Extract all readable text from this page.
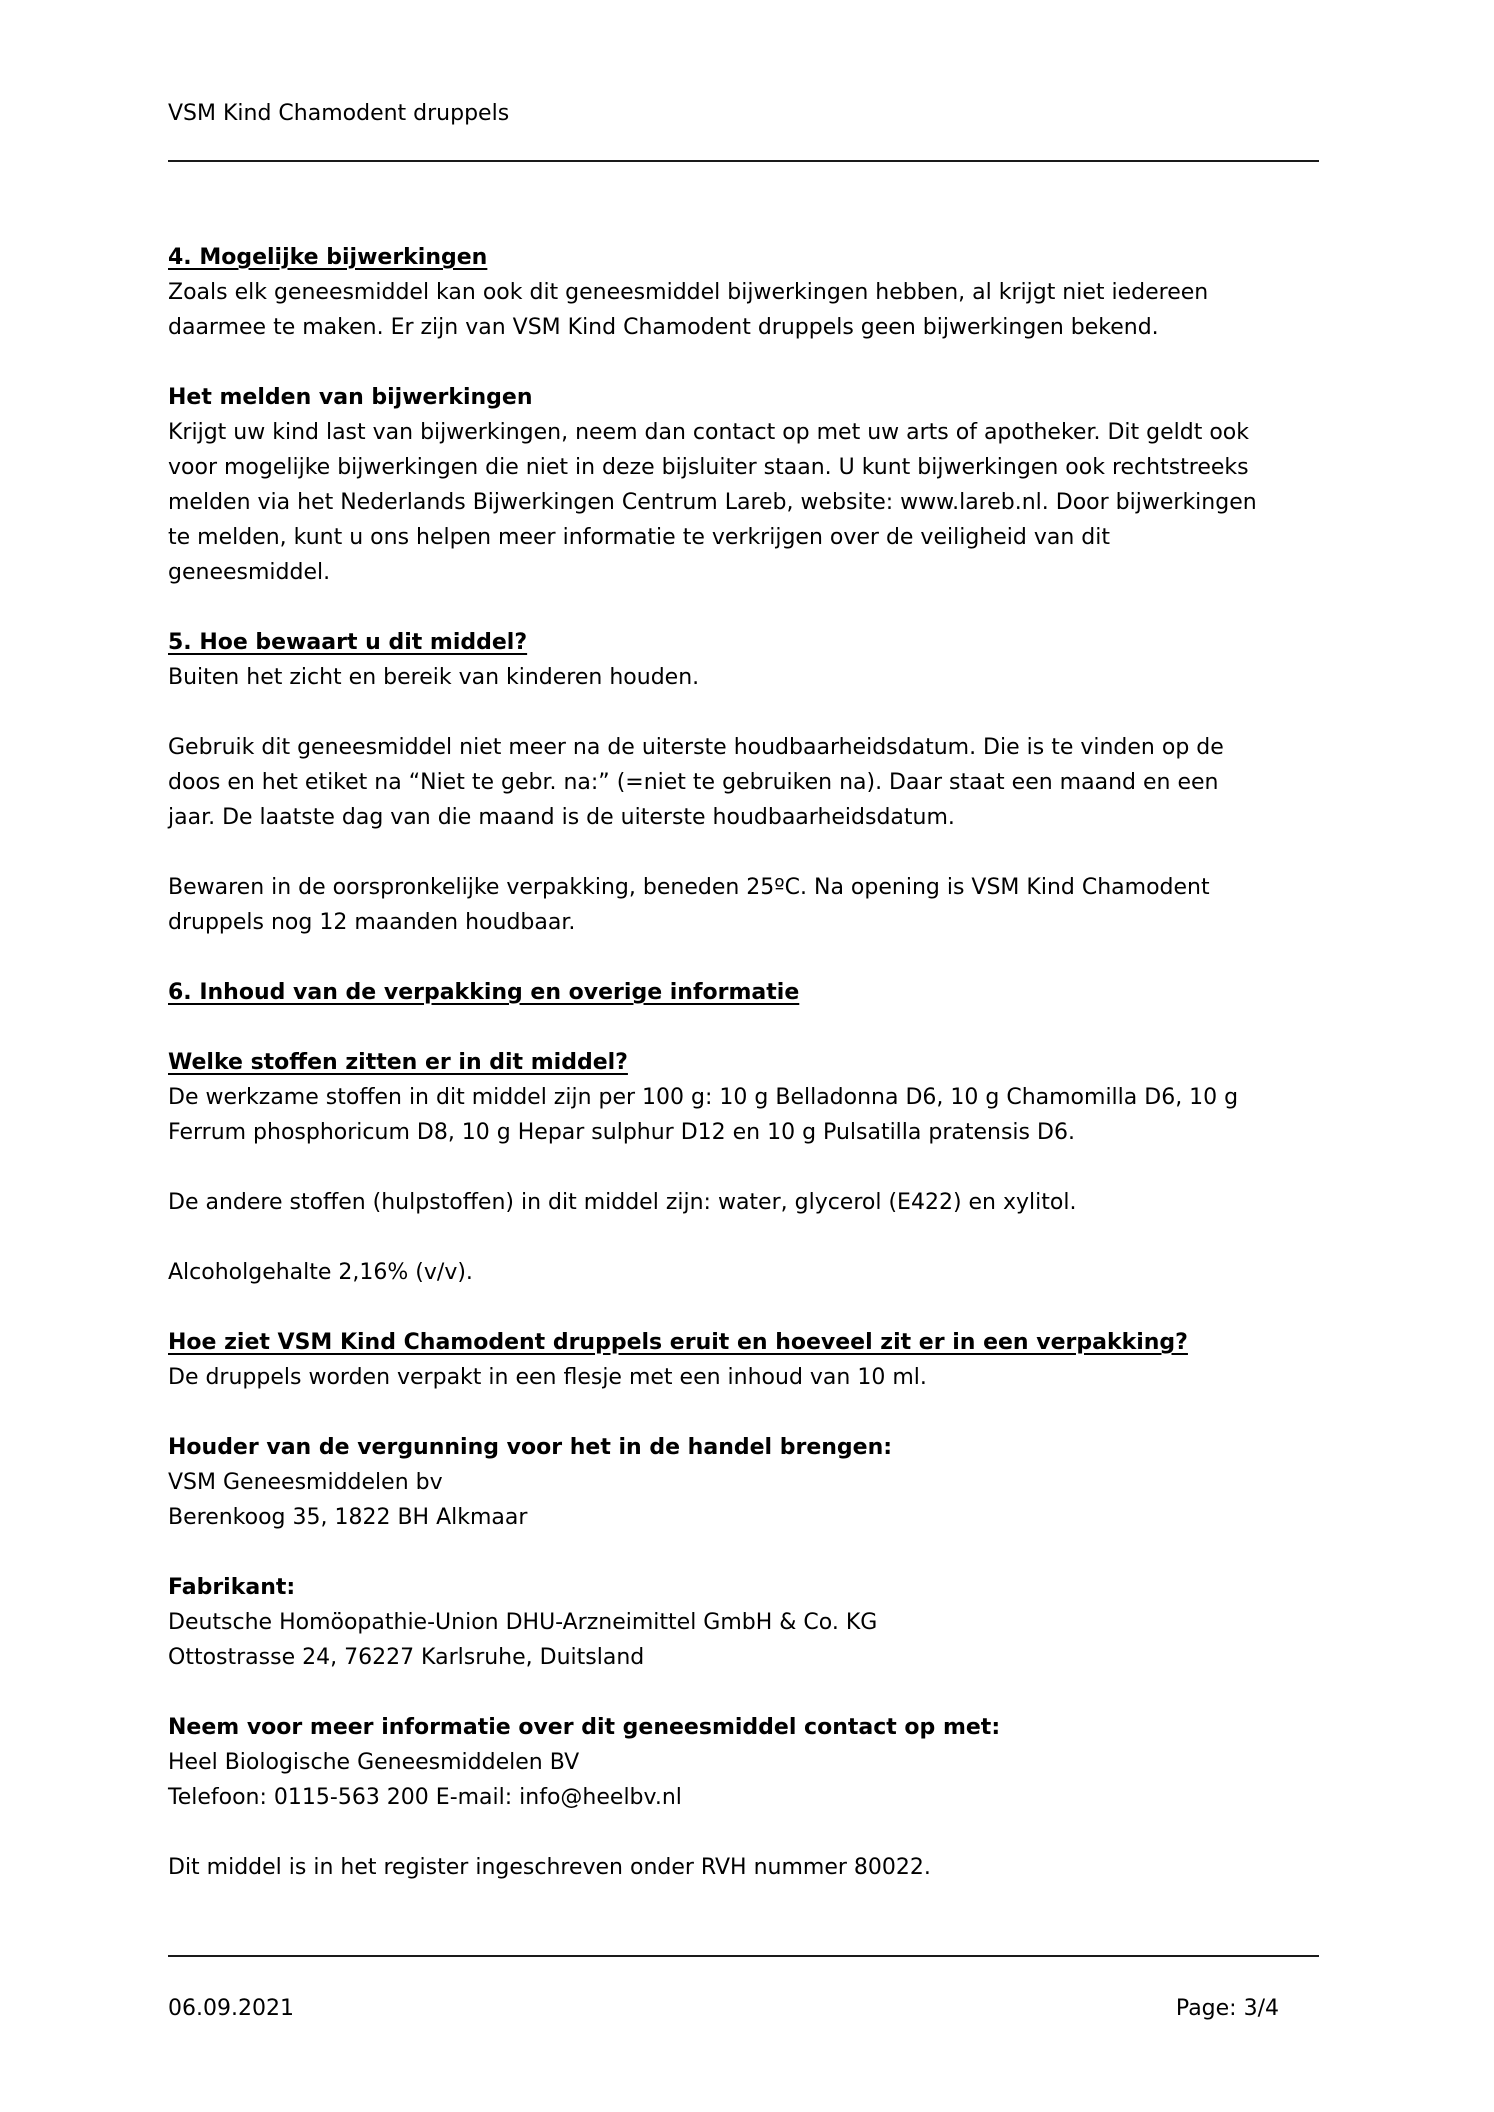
VSM Kind Chamodent druppels
4. Mogelijke bijwerkingen
Zoals elk geneesmiddel kan ook dit geneesmiddel bijwerkingen hebben, al krijgt niet iedereen
daarmee te maken. Er zijn van VSM Kind Chamodent druppels geen bijwerkingen bekend.
Het melden van bijwerkingen
Krijgt uw kind last van bijwerkingen, neem dan contact op met uw arts of apotheker. Dit geldt ook
voor mogelijke bijwerkingen die niet in deze bijsluiter staan. U kunt bijwerkingen ook rechtstreeks
melden via het Nederlands Bijwerkingen Centrum Lareb, website: www.lareb.nl. Door bijwerkingen
te melden, kunt u ons helpen meer informatie te verkrijgen over de veiligheid van dit
geneesmiddel.
5. Hoe bewaart u dit middel?
Buiten het zicht en bereik van kinderen houden.
Gebruik dit geneesmiddel niet meer na de uiterste houdbaarheidsdatum. Die is te vinden op de
doos en het etiket na “Niet te gebr. na:” (=niet te gebruiken na). Daar staat een maand en een
jaar. De laatste dag van die maand is de uiterste houdbaarheidsdatum.
Bewaren in de oorspronkelijke verpakking, beneden 25ºC. Na opening is VSM Kind Chamodent
druppels nog 12 maanden houdbaar.
6. Inhoud van de verpakking en overige informatie
Welke stoffen zitten er in dit middel?
De werkzame stoffen in dit middel zijn per 100 g: 10 g Belladonna D6, 10 g Chamomilla D6, 10 g
Ferrum phosphoricum D8, 10 g Hepar sulphur D12 en 10 g Pulsatilla pratensis D6.
De andere stoffen (hulpstoffen) in dit middel zijn: water, glycerol (E422) en xylitol.
Alcoholgehalte 2,16% (v/v).
Hoe ziet VSM Kind Chamodent druppels eruit en hoeveel zit er in een verpakking?
De druppels worden verpakt in een flesje met een inhoud van 10 ml.
Houder van de vergunning voor het in de handel brengen:
VSM Geneesmiddelen bv
Berenkoog 35, 1822 BH Alkmaar
Fabrikant:
Deutsche Homöopathie-Union DHU-Arzneimittel GmbH & Co. KG
Ottostrasse 24, 76227 Karlsruhe, Duitsland
Neem voor meer informatie over dit geneesmiddel contact op met:
Heel Biologische Geneesmiddelen BV
Telefoon: 0115-563 200 E-mail: info@heelbv.nl
Dit middel is in het register ingeschreven onder RVH nummer 80022.
06.09.2021	Page: 3/4
